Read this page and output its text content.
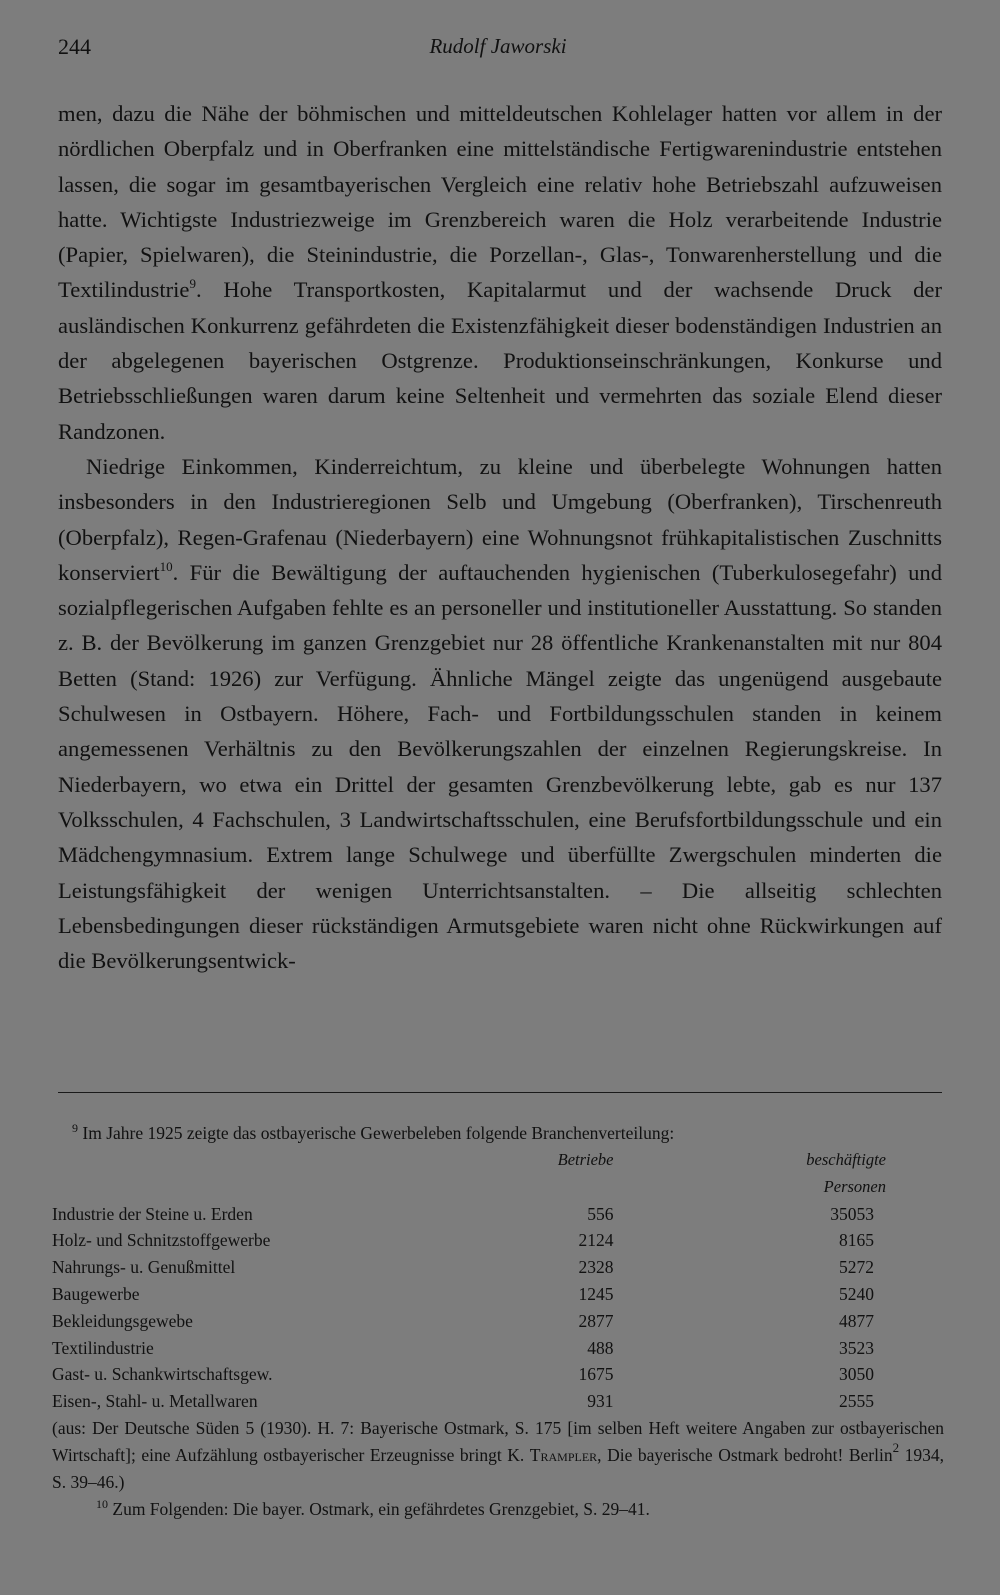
244	Rudolf Jaworski

men, dazu die Nähe der böhmischen und mitteldeutschen Kohlelager hatten vor allem in der nördlichen Oberpfalz und in Oberfranken eine mittelständische Fertigwarenindustrie entstehen lassen, die sogar im gesamtbayerischen Vergleich eine relativ hohe Betriebszahl aufzuweisen hatte. Wichtigste Industriezweige im Grenzbereich waren die Holz verarbeitende Industrie (Papier, Spielwaren), die Steinindustrie, die Porzellan-, Glas-, Tonwarenherstellung und die Textilindustrie$^9$. Hohe Transportkosten, Kapitalarmut und der wachsende Druck der ausländischen Konkurrenz gefährdeten die Existenzfähigkeit dieser bodenständigen Industrien an der abgelegenen bayerischen Ostgrenze. Produktionseinschränkungen, Konkurse und Betriebsschließungen waren darum keine Seltenheit und vermehrten das soziale Elend dieser Randzonen.

Niedrige Einkommen, Kinderreichtum, zu kleine und überbelegte Wohnungen hatten insbesonders in den Industrieregionen Selb und Umgebung (Oberfranken), Tirschenreuth (Oberpfalz), Regen-Grafenau (Niederbayern) eine Wohnungsnot frühkapitalistischen Zuschnitts konserviert$^{10}$. Für die Bewältigung der auftauchenden hygienischen (Tuberkulosegefahr) und sozialpflegerischen Aufgaben fehlte es an personeller und institutioneller Ausstattung. So standen z. B. der Bevölkerung im ganzen Grenzgebiet nur 28 öffentliche Krankenanstalten mit nur 804 Betten (Stand: 1926) zur Verfügung. Ähnliche Mängel zeigte das ungenügend ausgebaute Schulwesen in Ostbayern. Höhere, Fach- und Fortbildungsschulen standen in keinem angemessenen Verhältnis zu den Bevölkerungszahlen der einzelnen Regierungskreise. In Niederbayern, wo etwa ein Drittel der gesamten Grenzbevölkerung lebte, gab es nur 137 Volksschulen, 4 Fachschulen, 3 Landwirtschaftsschulen, eine Berufsfortbildungsschule und ein Mädchengymnasium. Extrem lange Schulwege und überfüllte Zwergschulen minderten die Leistungsfähigkeit der wenigen Unterrichtsanstalten. – Die allseitig schlechten Lebensbedingungen dieser rückständigen Armutsgebiete waren nicht ohne Rückwirkungen auf die Bevölkerungsentwick-

$^9$ Im Jahre 1925 zeigte das ostbayerische Gewerbeleben folgende Branchenverteilung:
	Betriebe	beschäftigte
		Personen
Industrie der Steine u. Erden	556	35053
Holz- und Schnitzstoffgewerbe	2124	8165
Nahrungs- u. Genußmittel	2328	5272
Baugewerbe	1245	5240
Bekleidungsgewebe	2877	4877
Textilindustrie	488	3523
Gast- u. Schankwirtschaftsgew.	1675	3050
Eisen-, Stahl- u. Metallwaren	931	2555
(aus: Der Deutsche Süden 5 (1930). H. 7: Bayerische Ostmark, S. 175 [im selben Heft weitere Angaben zur ostbayerischen Wirtschaft]; eine Aufzählung ostbayerischer Erzeugnisse bringt K. Trampler, Die bayerische Ostmark bedroht! Berlin$^2$ 1934, S. 39–46.)
$^{10}$ Zum Folgenden: Die bayer. Ostmark, ein gefährdetes Grenzgebiet, S. 29–41.
